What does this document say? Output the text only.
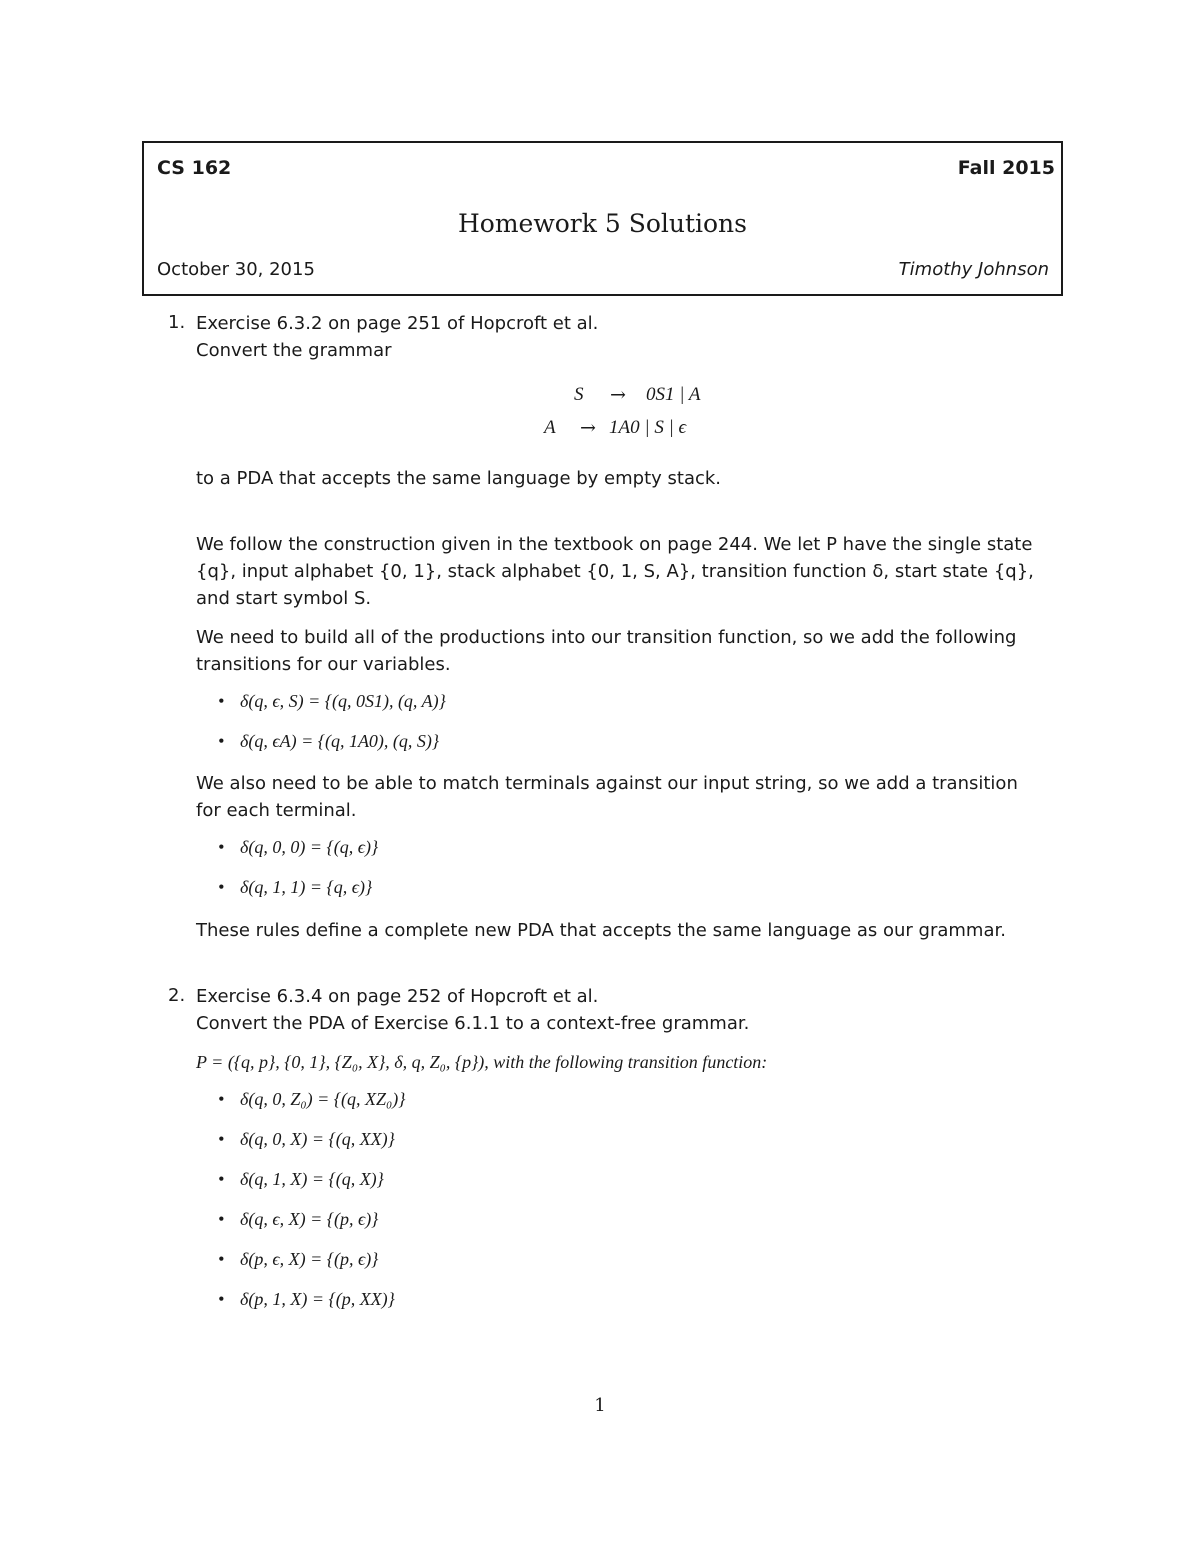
CS 162	Fall 2015
Homework 5 Solutions
October 30, 2015	Timothy Johnson
1. Exercise 6.3.2 on page 251 of Hopcroft et al.
Convert the grammar
S → 0S1 | A
A → 1A0 | S | ϵ
to a PDA that accepts the same language by empty stack.
We follow the construction given in the textbook on page 244. We let P have the single state
{q}, input alphabet {0, 1}, stack alphabet {0, 1, S, A}, transition function δ, start state {q},
and start symbol S.
We need to build all of the productions into our transition function, so we add the following
transitions for our variables.
• δ(q, ϵ, S) = {(q, 0S1), (q, A)}
• δ(q, ϵA) = {(q, 1A0), (q, S)}
We also need to be able to match terminals against our input string, so we add a transition
for each terminal.
• δ(q, 0, 0) = {(q, ϵ)}
• δ(q, 1, 1) = {q, ϵ)}
These rules define a complete new PDA that accepts the same language as our grammar.
2. Exercise 6.3.4 on page 252 of Hopcroft et al.
Convert the PDA of Exercise 6.1.1 to a context-free grammar.
P = ({q, p}, {0, 1}, {Z₀, X}, δ, q, Z₀, {p}), with the following transition function:
• δ(q, 0, Z₀) = {(q, XZ₀)}
• δ(q, 0, X) = {(q, XX)}
• δ(q, 1, X) = {(q, X)}
• δ(q, ϵ, X) = {(p, ϵ)}
• δ(p, ϵ, X) = {(p, ϵ)}
• δ(p, 1, X) = {(p, XX)}
1
